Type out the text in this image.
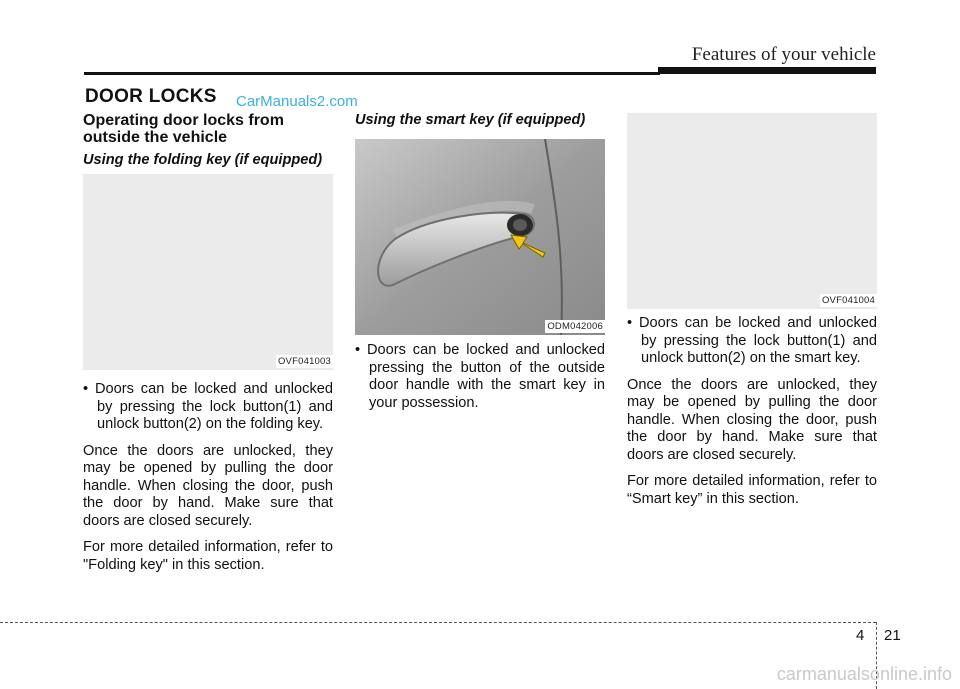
Features of your vehicle
DOOR LOCKS CarManuals2.com
Operating door locks from outside the vehicle
Using the folding key (if equipped)
OVF041003

• Doors can be locked and unlocked by pressing the lock button(1) and unlock button(2) on the folding key.

Once the doors are unlocked, they may be opened by pulling the door handle. When closing the door, push the door by hand. Make sure that doors are closed securely.

For more detailed information, refer to "Folding key" in this section.

Using the smart key (if equipped)
ODM042006

• Doors can be locked and unlocked pressing the button of the outside door handle with the smart key in your possession.

OVF041004

• Doors can be locked and unlocked by pressing the lock button(1) and unlock button(2) on the smart key.

Once the doors are unlocked, they may be opened by pulling the door handle. When closing the door, push the door by hand. Make sure that doors are closed securely.

For more detailed information, refer to “Smart key” in this section.

4 21
carmanualsonline.info
